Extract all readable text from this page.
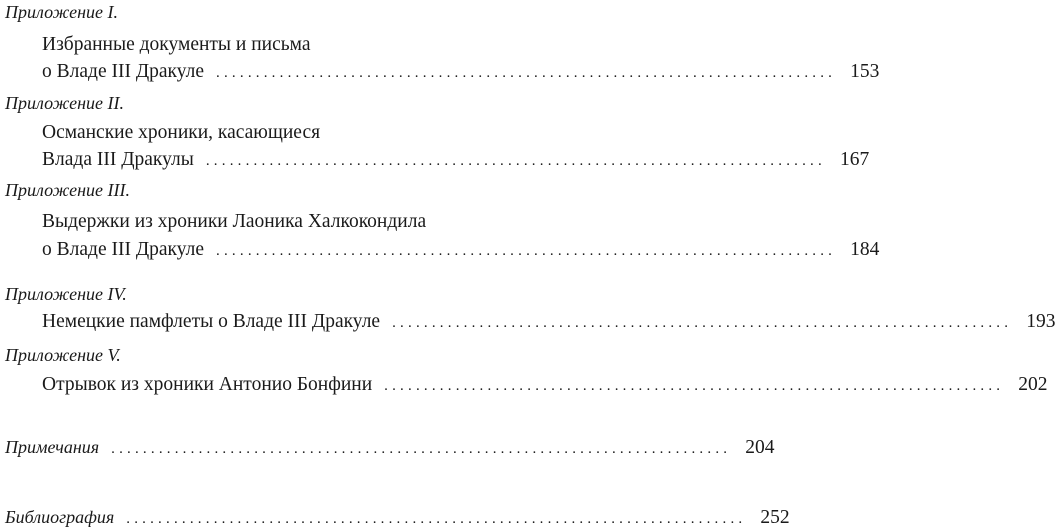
Приложение I.
Избранные документы и письма
о Владе III Дракуле .............................................................................. 153
Приложение II.
Османские хроники, касающиеся
Влада III Дракулы .............................................................................. 167
Приложение III.
Выдержки из хроники Лаоника Халкокондила
о Владе III Дракуле .............................................................................. 184
Приложение IV.
Немецкие памфлеты о Владе III Дракуле .............................................................................. 193
Приложение V.
Отрывок из хроники Антонио Бонфини .............................................................................. 202
Примечания .............................................................................. 204
Библиография .............................................................................. 252
